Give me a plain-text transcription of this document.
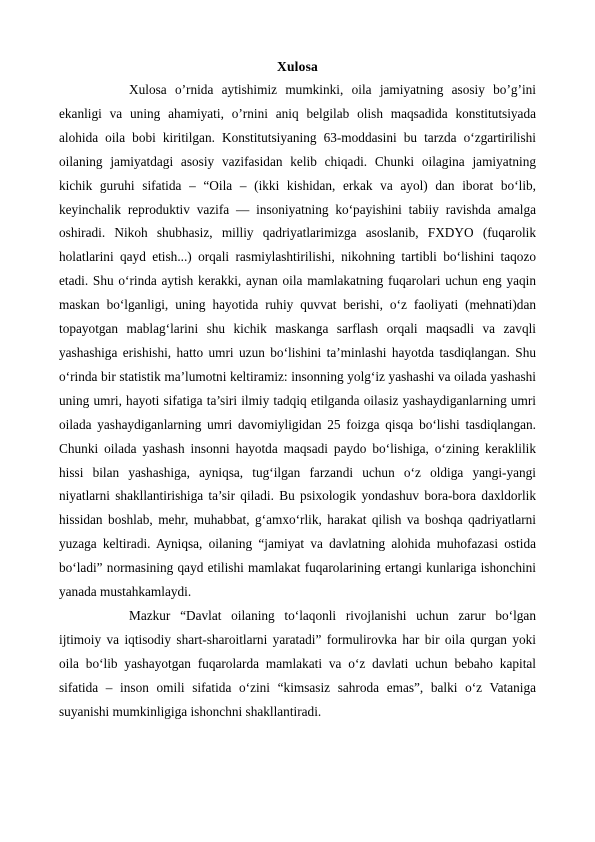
Xulosa

Xulosa o’rnida aytishimiz mumkinki, oila jamiyatning asosiy bo’g’ini ekanligi va uning ahamiyati, o’rnini aniq belgilab olish maqsadida konstitutsiyada alohida oila bobi kiritilgan. Konstitutsiyaning 63-moddasini bu tarzda o‘zgartirilishi oilaning jamiyatdagi asosiy vazifasidan kelib chiqadi. Chunki oilagina jamiyatning kichik guruhi sifatida – “Oila – (ikki kishidan, erkak va ayol) dan iborat bo‘lib, keyinchalik reproduktiv vazifa — insoniyatning ko‘payishini tabiiy ravishda amalga oshiradi. Nikoh shubhasiz, milliy qadriyatlarimizga asoslanib, FXDYO (fuqarolik holatlarini qayd etish...) orqali rasmiylashtirilishi, nikohning tartibli bo‘lishini taqozo etadi. Shu o‘rinda aytish kerakki, aynan oila mamlakatning fuqarolari uchun eng yaqin maskan bo‘lganligi, uning hayotida ruhiy quvvat berishi, o‘z faoliyati (mehnati)dan topayotgan mablag‘larini shu kichik maskanga sarflash orqali maqsadli va zavqli yashashiga erishishi, hatto umri uzun bo‘lishini ta’minlashi hayotda tasdiqlangan. Shu o‘rinda bir statistik ma’lumotni keltiramiz: insonning yolg‘iz yashashi va oilada yashashi uning umri, hayoti sifatiga ta’siri ilmiy tadqiq etilganda oilasiz yashaydiganlarning umri oilada yashaydiganlarning umri davomiyligidan 25 foizga qisqa bo‘lishi tasdiqlangan. Chunki oilada yashash insonni hayotda maqsadi paydo bo‘lishiga, o‘zining keraklilik hissi bilan yashashiga, ayniqsa, tug‘ilgan farzandi uchun o‘z oldiga yangi-yangi niyatlarni shakllantirishiga ta’sir qiladi. Bu psixologik yondashuv bora-bora daxldorlik hissidan boshlab, mehr, muhabbat, g‘amxo‘rlik, harakat qilish va boshqa qadriyatlarni yuzaga keltiradi. Ayniqsa, oilaning “jamiyat va davlatning alohida muhofazasi ostida bo‘ladi” normasining qayd etilishi mamlakat fuqarolarining ertangi kunlariga ishonchini yanada mustahkamlaydi.

Mazkur “Davlat oilaning to‘laqonli rivojlanishi uchun zarur bo‘lgan ijtimoiy va iqtisodiy shart-sharoitlarni yaratadi” formulirovka har bir oila qurgan yoki oila bo‘lib yashayotgan fuqarolarda mamlakati va o‘z davlati uchun bebaho kapital sifatida – inson omili sifatida o‘zini “kimsasiz sahroda emas”, balki o‘z Vataniga suyanishi mumkinligiga ishonchni shakllantiradi.
